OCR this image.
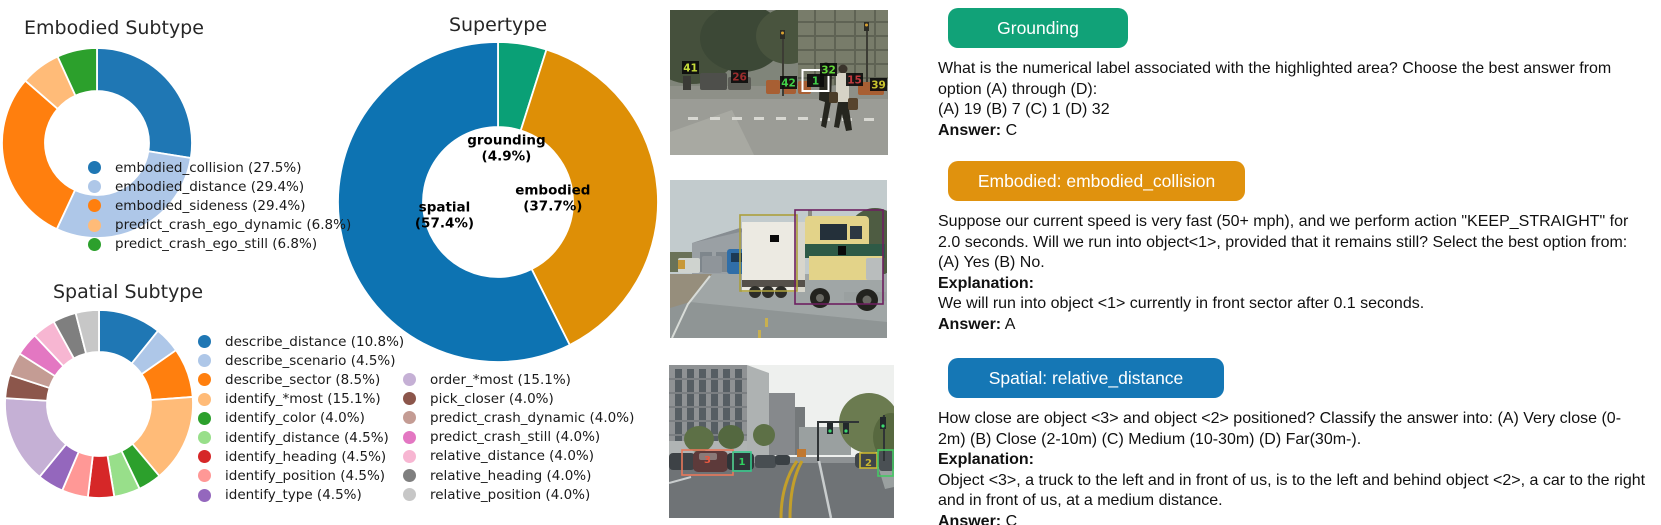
Embodied Subtype	Supertype
Spatial Subtype
grounding (4.9%)
embodied (37.7%)
spatial (57.4%)
embodied_collision (27.5%)
embodied_distance (29.4%)
embodied_sideness (29.4%)
predict_crash_ego_dynamic (6.8%)
predict_crash_ego_still (6.8%)
describe_distance (10.8%)
describe_scenario (4.5%)
describe_sector (8.5%)
identify_*most (15.1%)
identify_color (4.0%)
identify_distance (4.5%)
identify_heading (4.5%)
identify_position (4.5%)
identify_type (4.5%)
order_*most (15.1%)
pick_closer (4.0%)
predict_crash_dynamic (4.0%)
predict_crash_still (4.0%)
relative_distance (4.0%)
relative_heading (4.0%)
relative_position (4.0%)
41
26	42 1
32
15 39
3	1	2
Grounding

What is the numerical label associated with the highlighted area? Choose the best answer from option (A) through (D):

(A) 19 (B) 7 (C) 1 (D) 32
Answer: C
Embodied: embodied_collision

Suppose our current speed is very fast (50+ mph), and we perform action "KEEP_STRAIGHT" for 2.0 seconds. Will we run into object<1>, provided that it remains still? Select the best option from: (A) Yes (B) No.

Explanation:
We will run into object <1> currently in front sector after 0.1 seconds.
Answer: A
Spatial: relative_distance

How close are object <3> and object <2> positioned? Classify the answer into: (A) Very close (0-2m) (B) Close (2-10m) (C) Medium (10-30m) (D) Far(30m-).

Explanation:
Object <3>, a truck to the left and in front of us, is to the left and behind object <2>, a car to the right and in front of us, at a medium distance.
Answer: C
